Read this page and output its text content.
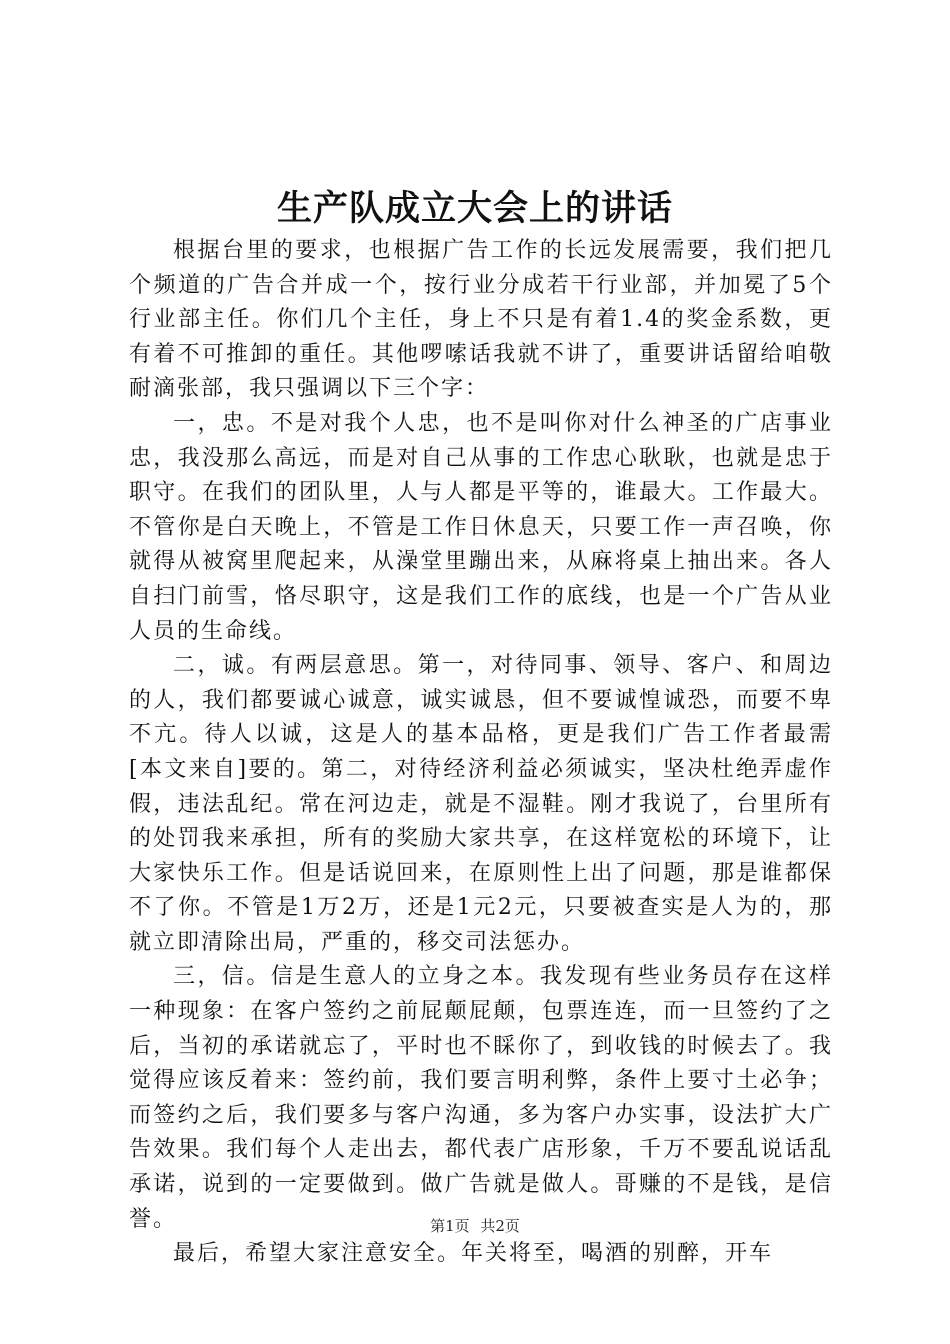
生产队成立大会上的讲话

根据台里的要求，也根据广告工作的长远发展需要，我们把几个频道的广告合并成一个，按行业分成若干行业部，并加冕了5个行业部主任。你们几个主任，身上不只是有着1.4的奖金系数，更有着不可推卸的重任。其他啰嗦话我就不讲了，重要讲话留给咱敬耐滴张部，我只强调以下三个字：

一，忠。不是对我个人忠，也不是叫你对什么神圣的广店事业忠，我没那么高远，而是对自己从事的工作忠心耿耿，也就是忠于职守。在我们的团队里，人与人都是平等的，谁最大。工作最大。不管你是白天晚上，不管是工作日休息天，只要工作一声召唤，你就得从被窝里爬起来，从澡堂里蹦出来，从麻将桌上抽出来。各人自扫门前雪，恪尽职守，这是我们工作的底线，也是一个广告从业人员的生命线。

二，诚。有两层意思。第一，对待同事、领导、客户、和周边的人，我们都要诚心诚意，诚实诚恳，但不要诚惶诚恐，而要不卑不亢。待人以诚，这是人的基本品格，更是我们广告工作者最需[本文来自]要的。第二，对待经济利益必须诚实，坚决杜绝弄虚作假，违法乱纪。常在河边走，就是不湿鞋。刚才我说了，台里所有的处罚我来承担，所有的奖励大家共享，在这样宽松的环境下，让大家快乐工作。但是话说回来，在原则性上出了问题，那是谁都保不了你。不管是1万2万，还是1元2元，只要被查实是人为的，那就立即清除出局，严重的，移交司法惩办。

三，信。信是生意人的立身之本。我发现有些业务员存在这样一种现象：在客户签约之前屁颠屁颠，包票连连，而一旦签约了之后，当初的承诺就忘了，平时也不睬你了，到收钱的时候去了。我觉得应该反着来：签约前，我们要言明利弊，条件上要寸土必争；而签约之后，我们要多与客户沟通，多为客户办实事，设法扩大广告效果。我们每个人走出去，都代表广店形象，千万不要乱说话乱承诺，说到的一定要做到。做广告就是做人。哥赚的不是钱，是信誉。

最后，希望大家注意安全。年关将至，喝酒的别醉，开车

第1页 共2页
